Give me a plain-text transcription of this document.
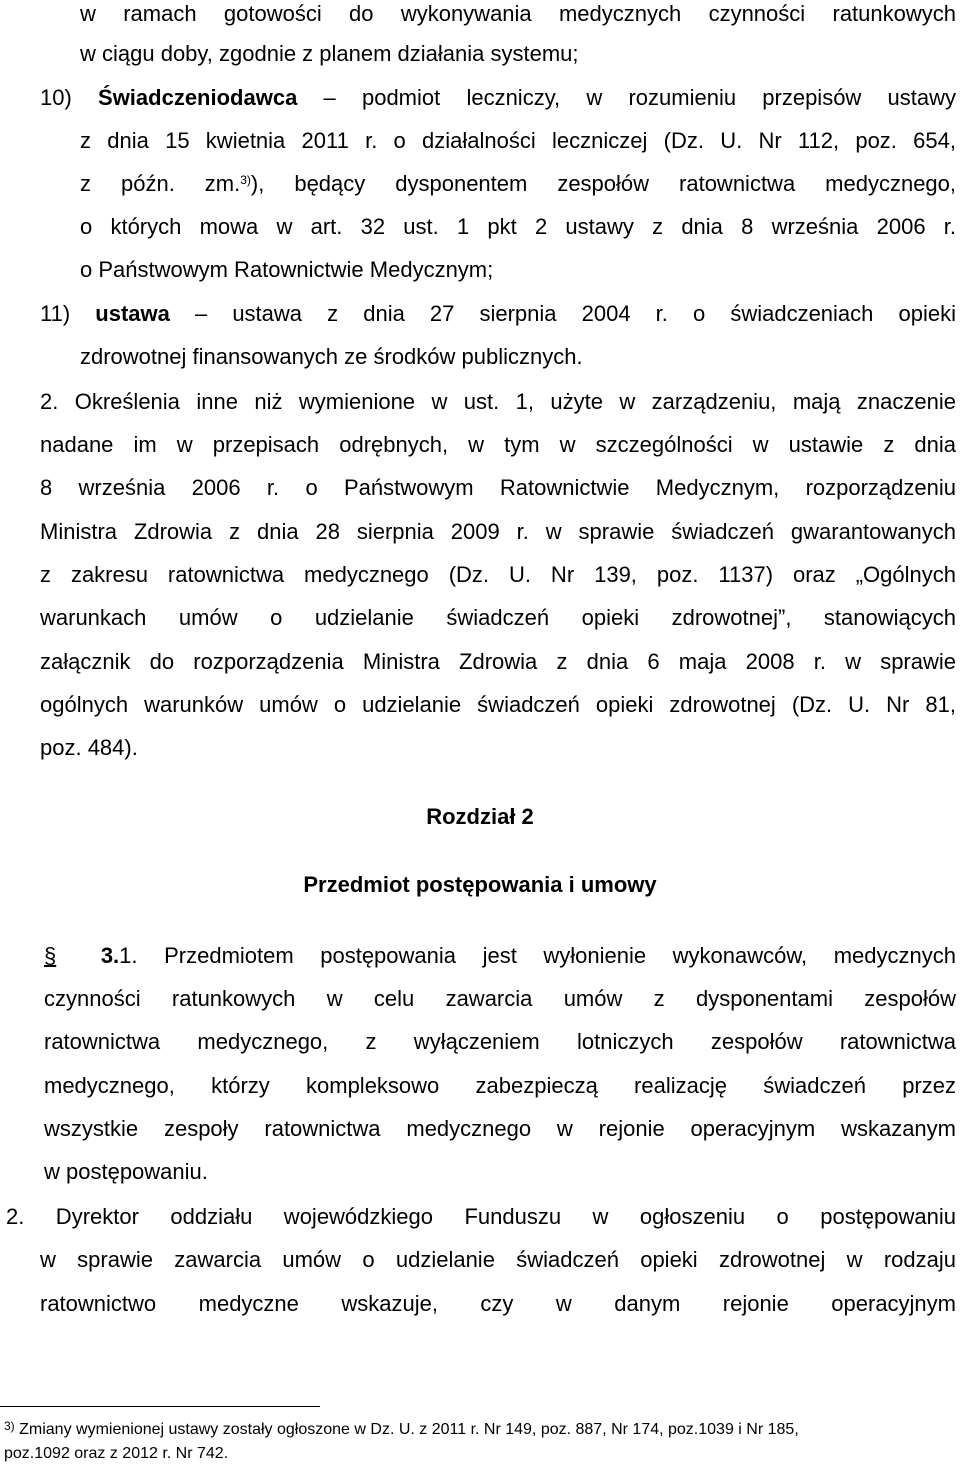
w ramach gotowości do wykonywania medycznych czynności ratunkowych
w ciągu doby, zgodnie z planem działania systemu;
10) Świadczeniodawca – podmiot leczniczy, w rozumieniu przepisów ustawy
z dnia 15 kwietnia 2011 r. o działalności leczniczej (Dz. U. Nr 112, poz. 654,
z późn. zm.$^{3)}$), będący dysponentem zespołów ratownictwa medycznego,
o których mowa w art. 32 ust. 1 pkt 2 ustawy z dnia 8 września 2006 r.
o Państwowym Ratownictwie Medycznym;
11) ustawa – ustawa z dnia 27 sierpnia 2004 r. o świadczeniach opieki
zdrowotnej finansowanych ze środków publicznych.
2. Określenia inne niż wymienione w ust. 1, użyte w zarządzeniu, mają znaczenie
nadane im w przepisach odrębnych, w tym w szczególności w ustawie z dnia
8 września 2006 r. o Państwowym Ratownictwie Medycznym, rozporządzeniu
Ministra Zdrowia z dnia 28 sierpnia 2009 r. w sprawie świadczeń gwarantowanych
z zakresu ratownictwa medycznego (Dz. U. Nr 139, poz. 1137) oraz „Ogólnych
warunkach umów o udzielanie świadczeń opieki zdrowotnej”, stanowiących
załącznik do rozporządzenia Ministra Zdrowia z dnia 6 maja 2008 r. w sprawie
ogólnych warunków umów o udzielanie świadczeń opieki zdrowotnej (Dz. U. Nr 81,
poz. 484).
Rozdział 2
Przedmiot postępowania i umowy
§ 3.1. Przedmiotem postępowania jest wyłonienie wykonawców, medycznych
czynności ratunkowych w celu zawarcia umów z dysponentami zespołów
ratownictwa medycznego, z wyłączeniem lotniczych zespołów ratownictwa
medycznego, którzy kompleksowo zabezpieczą realizację świadczeń przez
wszystkie zespoły ratownictwa medycznego w rejonie operacyjnym wskazanym
w postępowaniu.
2. Dyrektor oddziału wojewódzkiego Funduszu w ogłoszeniu o postępowaniu
w sprawie zawarcia umów o udzielanie świadczeń opieki zdrowotnej w rodzaju
ratownictwo medyczne wskazuje, czy w danym rejonie operacyjnym
$^{3)}$ Zmiany wymienionej ustawy zostały ogłoszone w Dz. U. z 2011 r. Nr 149, poz. 887, Nr 174, poz.1039 i Nr 185,
poz.1092 oraz z 2012 r. Nr 742.
